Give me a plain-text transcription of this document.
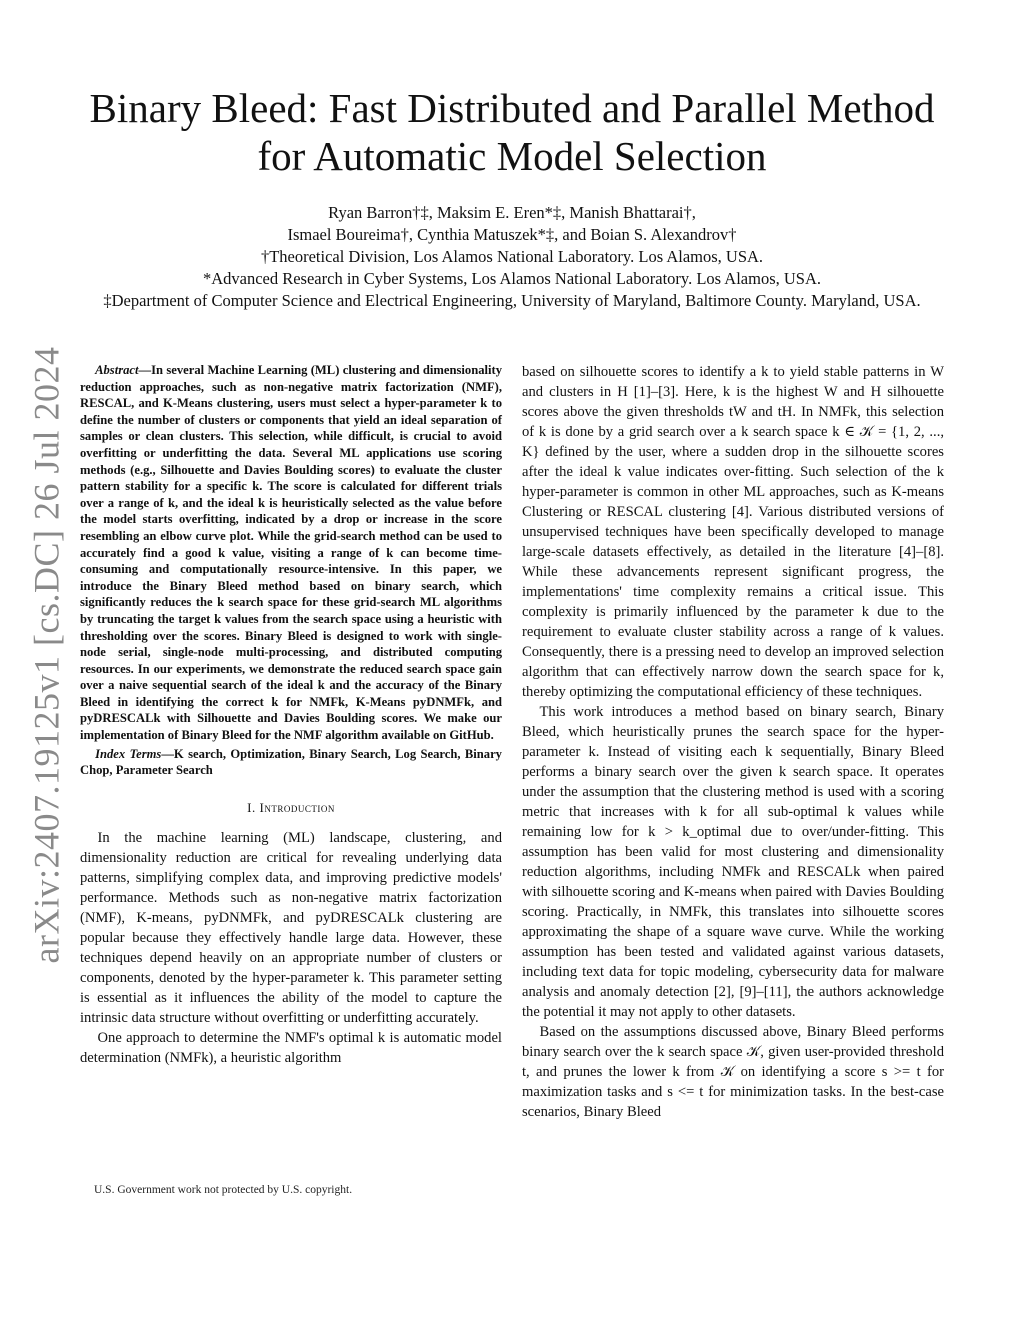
arXiv:2407.19125v1 [cs.DC] 26 Jul 2024
Binary Bleed: Fast Distributed and Parallel Method
for Automatic Model Selection

Ryan Barron†‡, Maksim E. Eren*‡, Manish Bhattarai†,

Ismael Boureima†, Cynthia Matuszek*‡, and Boian S. Alexandrov†

†Theoretical Division, Los Alamos National Laboratory. Los Alamos, USA.

*Advanced Research in Cyber Systems, Los Alamos National Laboratory. Los Alamos, USA.

‡Department of Computer Science and Electrical Engineering, University of Maryland, Baltimore County. Maryland, USA.

Abstract—In several Machine Learning (ML) clustering and dimensionality reduction approaches, such as non-negative matrix factorization (NMF), RESCAL, and K-Means clustering, users must select a hyper-parameter k to define the number of clusters or components that yield an ideal separation of samples or clean clusters. This selection, while difficult, is crucial to avoid overfitting or underfitting the data. Several ML applications use scoring methods (e.g., Silhouette and Davies Boulding scores) to evaluate the cluster pattern stability for a specific k. The score is calculated for different trials over a range of k, and the ideal k is heuristically selected as the value before the model starts overfitting, indicated by a drop or increase in the score resembling an elbow curve plot. While the grid-search method can be used to accurately find a good k value, visiting a range of k can become time-consuming and computationally resource-intensive. In this paper, we introduce the Binary Bleed method based on binary search, which significantly reduces the k search space for these grid-search ML algorithms by truncating the target k values from the search space using a heuristic with thresholding over the scores. Binary Bleed is designed to work with single-node serial, single-node multi-processing, and distributed computing resources. In our experiments, we demonstrate the reduced search space gain over a naive sequential search of the ideal k and the accuracy of the Binary Bleed in identifying the correct k for NMFk, K-Means pyDNMFk, and pyDRESCALk with Silhouette and Davies Boulding scores. We make our implementation of Binary Bleed for the NMF algorithm available on GitHub.

Index Terms—K search, Optimization, Binary Search, Log Search, Binary Chop, Parameter Search

I. Introduction

In the machine learning (ML) landscape, clustering, and dimensionality reduction are critical for revealing underlying data patterns, simplifying complex data, and improving predictive models' performance. Methods such as non-negative matrix factorization (NMF), K-means, pyDNMFk, and pyDRESCALk clustering are popular because they effectively handle large data. However, these techniques depend heavily on an appropriate number of clusters or components, denoted by the hyper-parameter k. This parameter setting is essential as it influences the ability of the model to capture the intrinsic data structure without overfitting or underfitting accurately.

One approach to determine the NMF's optimal k is automatic model determination (NMFk), a heuristic algorithm

based on silhouette scores to identify a k to yield stable patterns in W and clusters in H [1]–[3]. Here, k is the highest W and H silhouette scores above the given thresholds tW and tH. In NMFk, this selection of k is done by a grid search over a k search space k ∈ 𝒦 = {1, 2, ..., K} defined by the user, where a sudden drop in the silhouette scores after the ideal k value indicates over-fitting. Such selection of the k hyper-parameter is common in other ML approaches, such as K-means Clustering or RESCAL clustering [4]. Various distributed versions of unsupervised techniques have been specifically developed to manage large-scale datasets effectively, as detailed in the literature [4]–[8]. While these advancements represent significant progress, the implementations' time complexity remains a critical issue. This complexity is primarily influenced by the parameter k due to the requirement to evaluate cluster stability across a range of k values. Consequently, there is a pressing need to develop an improved selection algorithm that can effectively narrow down the search space for k, thereby optimizing the computational efficiency of these techniques.

This work introduces a method based on binary search, Binary Bleed, which heuristically prunes the search space for the hyper-parameter k. Instead of visiting each k sequentially, Binary Bleed performs a binary search over the given k search space. It operates under the assumption that the clustering method is used with a scoring metric that increases with k for all sub-optimal k values while remaining low for k > k_optimal due to over/under-fitting. This assumption has been valid for most clustering and dimensionality reduction algorithms, including NMFk and RESCALk when paired with silhouette scoring and K-means when paired with Davies Boulding scoring. Practically, in NMFk, this translates into silhouette scores approximating the shape of a square wave curve. While the working assumption has been tested and validated against various datasets, including text data for topic modeling, cybersecurity data for malware analysis and anomaly detection [2], [9]–[11], the authors acknowledge the potential it may not apply to other datasets.

Based on the assumptions discussed above, Binary Bleed performs binary search over the k search space 𝒦, given user-provided threshold t, and prunes the lower k from 𝒦 on identifying a score s >= t for maximization tasks and s <= t for minimization tasks. In the best-case scenarios, Binary Bleed

U.S. Government work not protected by U.S. copyright.
